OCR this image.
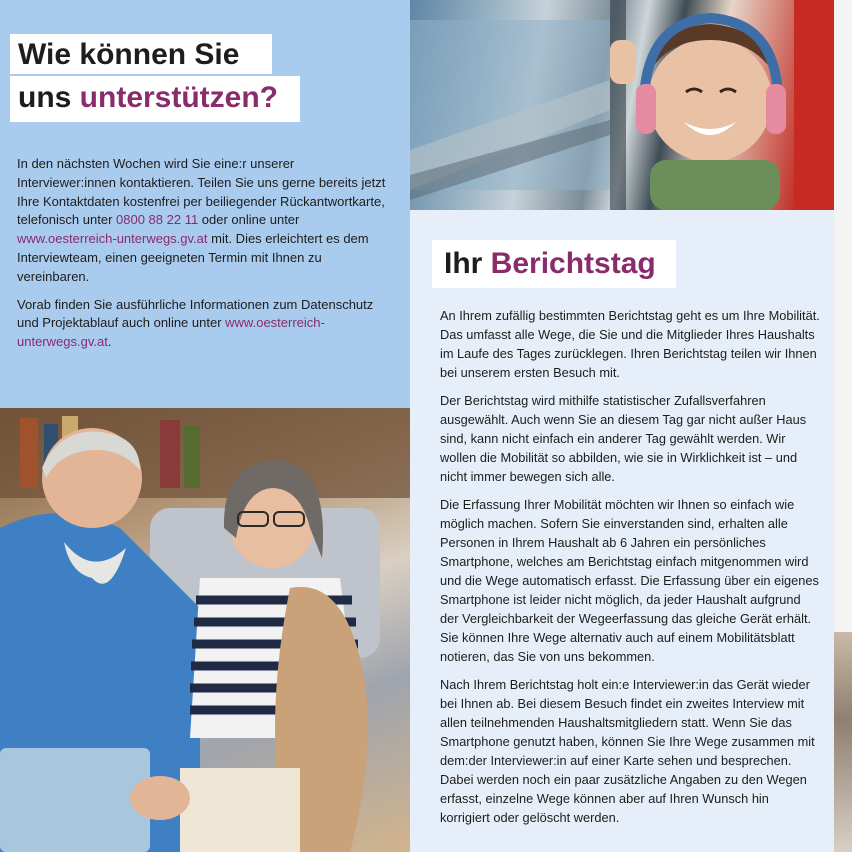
Wie können Sie
uns unterstützen?

In den nächsten Wochen wird Sie eine:r unserer Interviewer:innen kontaktieren. Teilen Sie uns gerne bereits jetzt Ihre Kontaktdaten kostenfrei per beiliegender Rückantwortkarte, telefonisch unter 0800 88 22 11 oder online unter www.oesterreich-unterwegs.gv.at mit. Dies erleichtert es dem Interviewteam, einen geeigneten Termin mit Ihnen zu vereinbaren.

Vorab finden Sie ausführliche Informationen zum Datenschutz und Projektablauf auch online unter www.oesterreich-unterwegs.gv.at.

Ihr Berichtstag

An Ihrem zufällig bestimmten Berichtstag geht es um Ihre Mobilität. Das umfasst alle Wege, die Sie und die Mitglieder Ihres Haushalts im Laufe des Tages zurücklegen. Ihren Berichtstag teilen wir Ihnen bei unserem ersten Besuch mit.

Der Berichtstag wird mithilfe statistischer Zufallsverfahren ausgewählt. Auch wenn Sie an diesem Tag gar nicht außer Haus sind, kann nicht einfach ein anderer Tag gewählt werden. Wir wollen die Mobilität so abbilden, wie sie in Wirklichkeit ist – und nicht immer bewegen sich alle.

Die Erfassung Ihrer Mobilität möchten wir Ihnen so einfach wie möglich machen. Sofern Sie einverstanden sind, erhalten alle Personen in Ihrem Haushalt ab 6 Jahren ein persönliches Smartphone, welches am Berichtstag einfach mitgenommen wird und die Wege automatisch erfasst. Die Erfassung über ein eigenes Smartphone ist leider nicht möglich, da jeder Haushalt aufgrund der Vergleichbarkeit der Wegeerfassung das gleiche Gerät erhält. Sie können Ihre Wege alternativ auch auf einem Mobilitätsblatt notieren, das Sie von uns bekommen.

Nach Ihrem Berichtstag holt ein:e Interviewer:in das Gerät wieder bei Ihnen ab. Bei diesem Besuch findet ein zweites Interview mit allen teilnehmenden Haushaltsmitgliedern statt. Wenn Sie das Smartphone genutzt haben, können Sie Ihre Wege zusammen mit dem:der Interviewer:in auf einer Karte sehen und besprechen. Dabei werden noch ein paar zusätzliche Angaben zu den Wegen erfasst, einzelne Wege können aber auf Ihren Wunsch hin korrigiert oder gelöscht werden.
